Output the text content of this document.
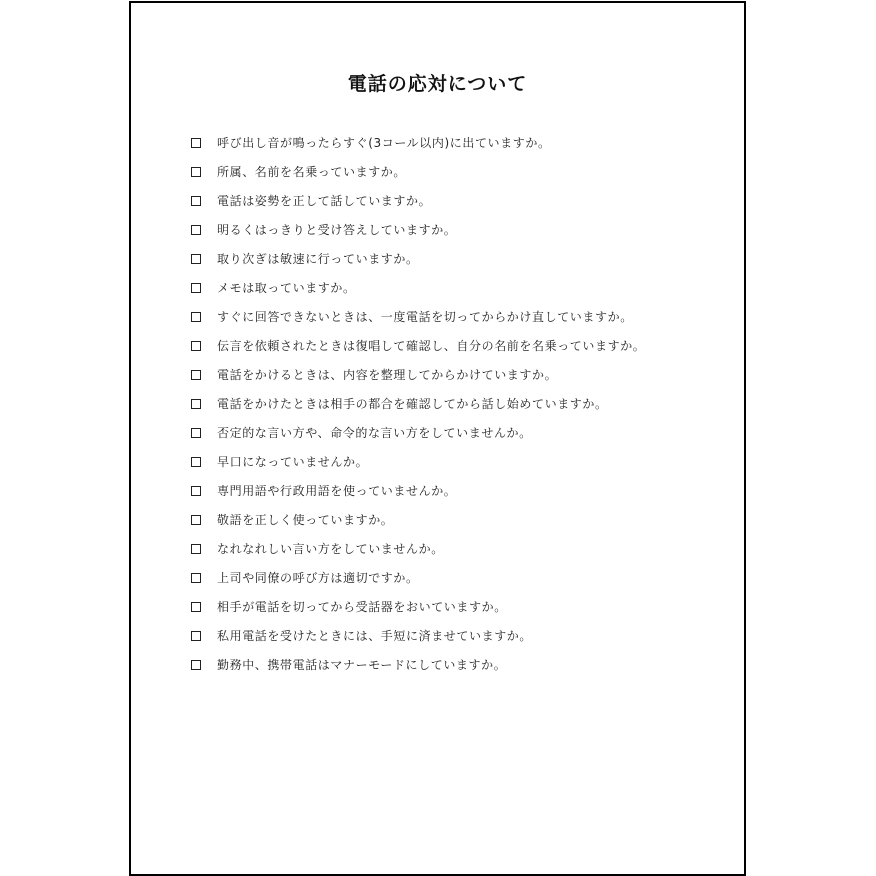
電話の応対について
呼び出し音が鳴ったらすぐ(3コール以内)に出ていますか。
所属、名前を名乗っていますか。
電話は姿勢を正して話していますか。
明るくはっきりと受け答えしていますか。
取り次ぎは敏速に行っていますか。
メモは取っていますか。
すぐに回答できないときは、一度電話を切ってからかけ直していますか。
伝言を依頼されたときは復唱して確認し、自分の名前を名乗っていますか。
電話をかけるときは、内容を整理してからかけていますか。
電話をかけたときは相手の都合を確認してから話し始めていますか。
否定的な言い方や、命令的な言い方をしていませんか。
早口になっていませんか。
専門用語や行政用語を使っていませんか。
敬語を正しく使っていますか。
なれなれしい言い方をしていませんか。
上司や同僚の呼び方は適切ですか。
相手が電話を切ってから受話器をおいていますか。
私用電話を受けたときには、手短に済ませていますか。
勤務中、携帯電話はマナーモードにしていますか。
